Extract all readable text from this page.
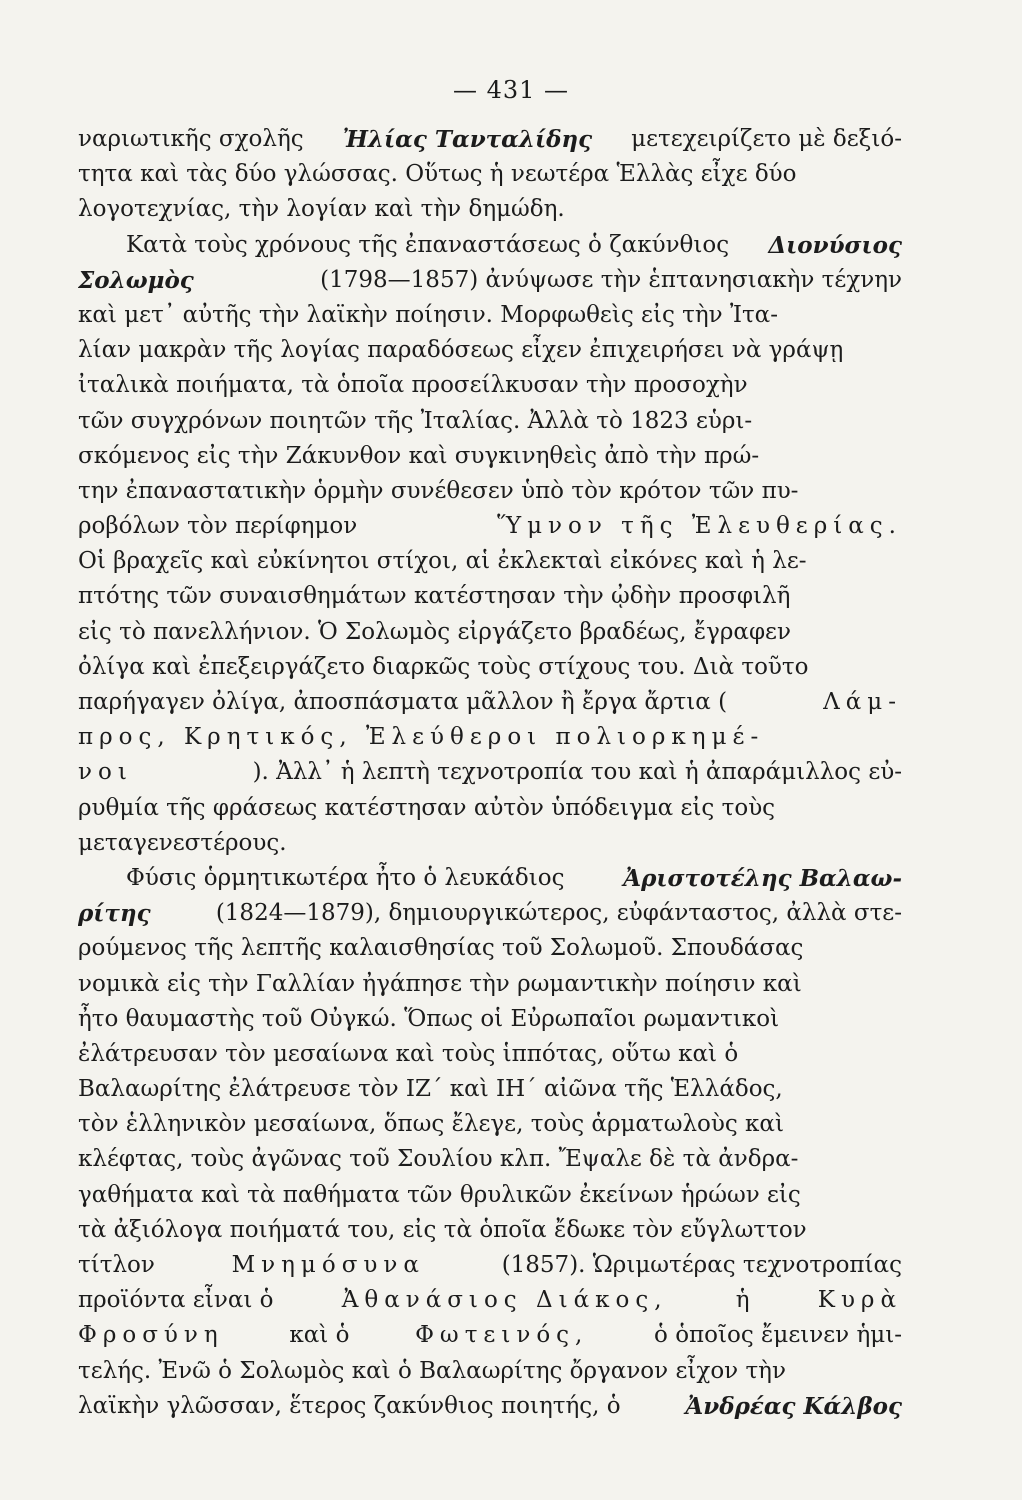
— 431 —
ναριωτικῆς σχολῆς Ἠλίας Τανταλίδης μετεχειρίζετο μὲ δεξιό-
τητα καὶ τὰς δύο γλώσσας. Οὕτως ἡ νεωτέρα Ἑλλὰς εἶχε δύο
λογοτεχνίας, τὴν λογίαν καὶ τὴν δημώδη.
Κατὰ τοὺς χρόνους τῆς ἐπαναστάσεως ὁ ζακύνθιος Διονύσιος
Σολωμὸς	(1798—1857) ἀνύψωσε τὴν ἑπτανησιακὴν τέχνην
καὶ μετ᾽ αὐτῆς τὴν λαϊκὴν ποίησιν. Μορφωθεὶς εἰς τὴν Ἰτα-
λίαν μακρὰν τῆς λογίας παραδόσεως εἶχεν ἐπιχειρήσει νὰ γράψῃ
ἰταλικὰ ποιήματα, τὰ ὁποῖα προσείλκυσαν τὴν προσοχὴν
τῶν συγχρόνων ποιητῶν τῆς Ἰταλίας. Ἀλλὰ τὸ 1823 εὑρι-
σκόμενος εἰς τὴν Ζάκυνθον καὶ συγκινηθεὶς ἀπὸ τὴν πρώ-
την ἐπαναστατικὴν ὁρμὴν συνέθεσεν ὑπὸ τὸν κρότον τῶν πυ-
ροβόλων τὸν περίφημον	Ὕμνον τῆς Ἐλευθερίας.
Οἱ βραχεῖς καὶ εὐκίνητοι στίχοι, αἱ ἐκλεκταὶ εἰκόνες καὶ ἡ λε-
πτότης τῶν συναισθημάτων κατέστησαν τὴν ᾠδὴν προσφιλῆ
εἰς τὸ πανελλήνιον. Ὁ Σολωμὸς εἰργάζετο βραδέως, ἔγραφεν
ὀλίγα καὶ ἐπεξειργάζετο διαρκῶς τοὺς στίχους του. Διὰ τοῦτο
παρήγαγεν ὀλίγα, ἀποσπάσματα μᾶλλον ἢ ἔργα ἄρτια (	Λάμ-
προς, Κρητικός, Ἐλεύθεροι πολιορκημέ-
νοι	). Ἀλλ᾽ ἡ λεπτὴ τεχνοτροπία του καὶ ἡ ἀπαράμιλλος εὐ-
ρυθμία τῆς φράσεως κατέστησαν αὐτὸν ὑπόδειγμα εἰς τοὺς
μεταγενεστέρους.
Φύσις ὁρμητικωτέρα ἦτο ὁ λευκάδιος	Ἀριστοτέλης Βαλαω-
ρίτης	(1824—1879), δημιουργικώτερος, εὐφάνταστος, ἀλλὰ στε-
ρούμενος τῆς λεπτῆς καλαισθησίας τοῦ Σολωμοῦ. Σπουδάσας
νομικὰ εἰς τὴν Γαλλίαν ἠγάπησε τὴν ρωμαντικὴν ποίησιν καὶ
ἦτο θαυμαστὴς τοῦ Οὐγκώ. Ὅπως οἱ Εὐρωπαῖοι ρωμαντικοὶ
ἐλάτρευσαν τὸν μεσαίωνα καὶ τοὺς ἱππότας, οὕτω καὶ ὁ
Βαλαωρίτης ἐλάτρευσε τὸν ΙΖ΄ καὶ ΙΗ΄ αἰῶνα τῆς Ἑλλάδος,
τὸν ἑλληνικὸν μεσαίωνα, ὅπως ἔλεγε, τοὺς ἁρματωλοὺς καὶ
κλέφτας, τοὺς ἀγῶνας τοῦ Σουλίου κλπ. Ἔψαλε δὲ τὰ ἀνδρα-
γαθήματα καὶ τὰ παθήματα τῶν θρυλικῶν ἐκείνων ἡρώων εἰς
τὰ ἀξιόλογα ποιήματά του, εἰς τὰ ὁποῖα ἔδωκε τὸν εὔγλωττον
τίτλον	Μνημόσυνα	(1857). Ὡριμωτέρας τεχνοτροπίας
προϊόντα εἶναι ὁ	Ἀθανάσιος Διάκος,	ἡ	Κυρὰ
Φροσύνη	καὶ ὁ	Φωτεινός,	ὁ ὁποῖος ἔμεινεν ἡμι-
τελής. Ἐνῶ ὁ Σολωμὸς καὶ ὁ Βαλαωρίτης ὄργανον εἶχον τὴν
λαϊκὴν γλῶσσαν, ἕτερος ζακύνθιος ποιητής, ὁ	Ἀνδρέας Κάλβος
